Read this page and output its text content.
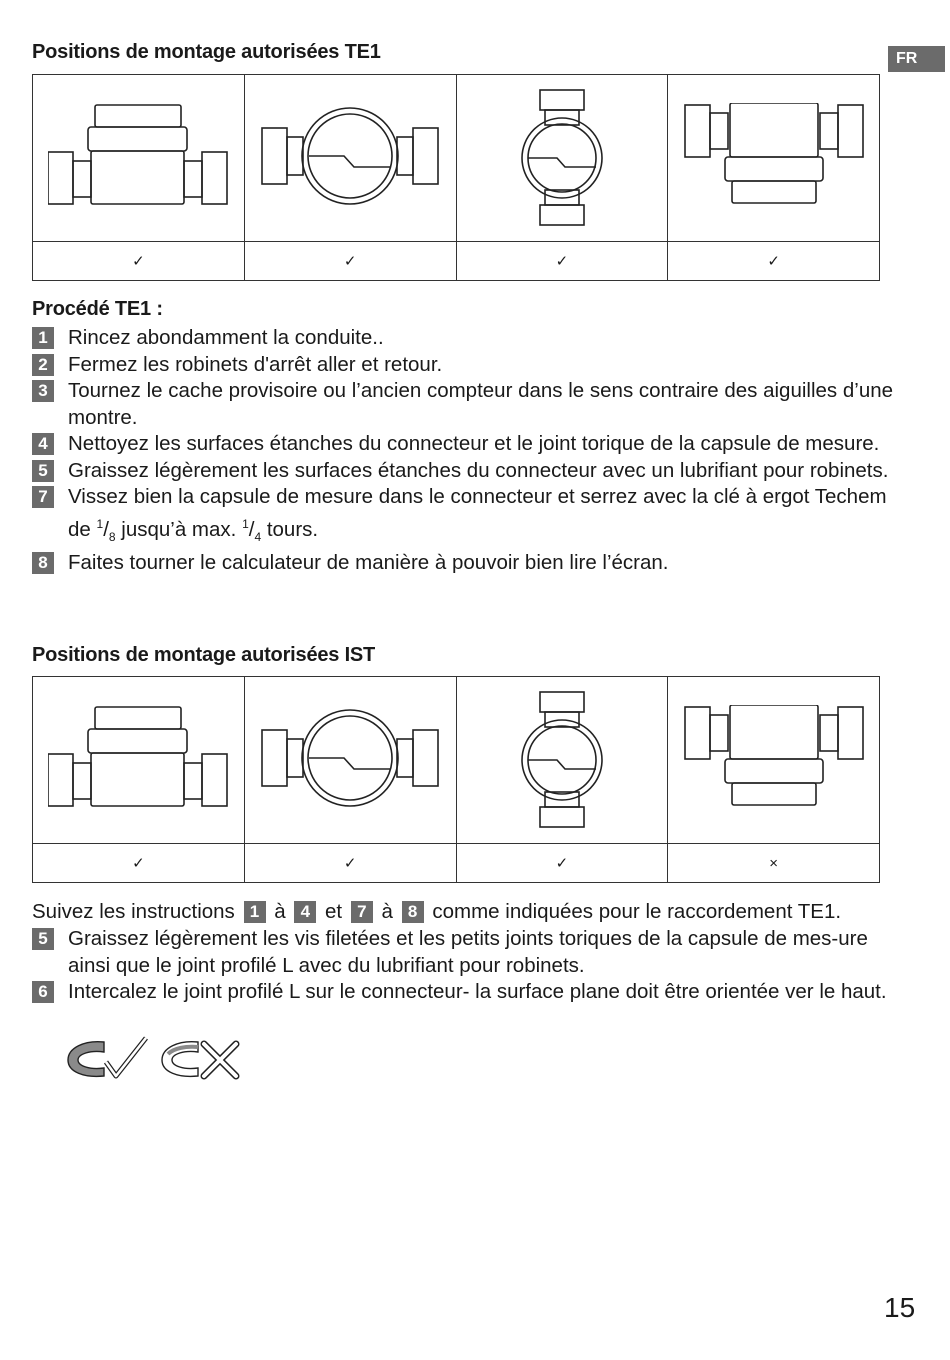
FR
Positions de montage autorisées TE1

✓	✓	✓	✓
Procédé TE1 :
1 Rincez abondamment la conduite..
2 Fermez les robinets d'arrêt aller et retour.
3 Tournez le cache provisoire ou l’ancien compteur dans le sens contraire des aiguilles d’une montre.
4 Nettoyez les surfaces étanches du connecteur et le joint torique de la capsule de mesure.
5 Graissez légèrement les surfaces étanches du connecteur avec un lubrifiant pour robinets.
7 Vissez bien la capsule de mesure dans le connecteur et serrez avec la clé à ergot Techem de $^1/_8$ jusqu’à max. $^1/_4$ tours.
8 Faites tourner le calculateur de manière à pouvoir bien lire l’écran.
Positions de montage autorisées IST

✓	✓	✓	×
Suivez les instructions 1 à 4 et 7 à 8 comme indiquées pour le raccordement TE1.
5 Graissez légèrement les vis filetées et les petits joints toriques de la capsule de mes-ure ainsi que le joint profilé L avec du lubrifiant pour robinets.
6 Intercalez le joint profilé L sur le connecteur- la surface plane doit être orientée ver le haut.
15
